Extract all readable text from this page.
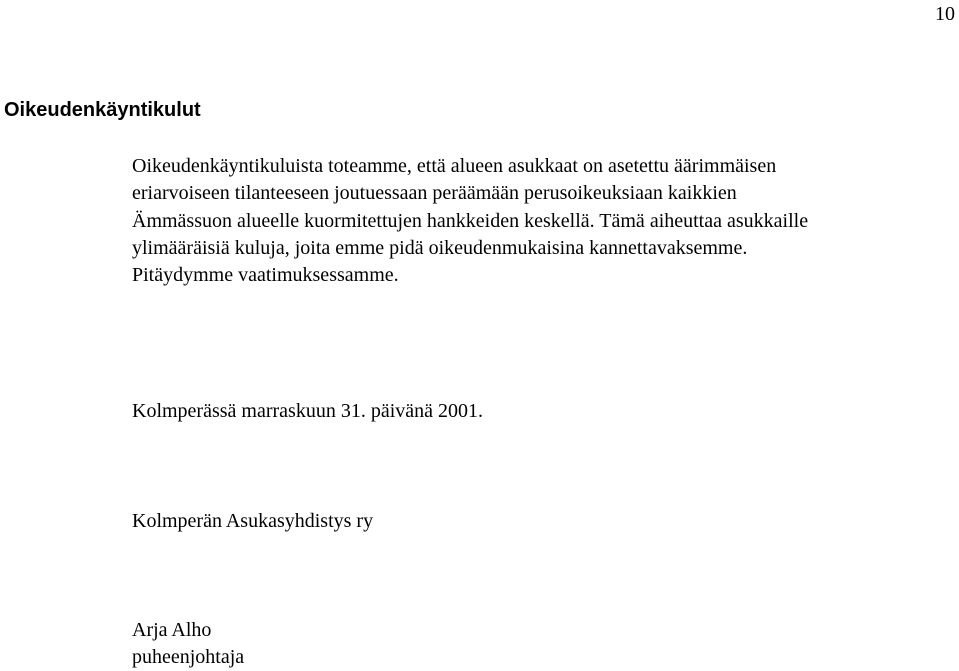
10
Oikeudenkäyntikulut

Oikeudenkäyntikuluista toteamme, että alueen asukkaat on asetettu äärimmäisen
eriarvoiseen tilanteeseen joutuessaan peräämään perusoikeuksiaan kaikkien
Ämmässuon alueelle kuormitettujen hankkeiden keskellä. Tämä aiheuttaa asukkaille
ylimääräisiä kuluja, joita emme pidä oikeudenmukaisina kannettavaksemme.
Pitäydymme vaatimuksessamme.

Kolmperässä marraskuun 31. päivänä 2001.

Kolmperän Asukasyhdistys ry

Arja Alho
puheenjohtaja
